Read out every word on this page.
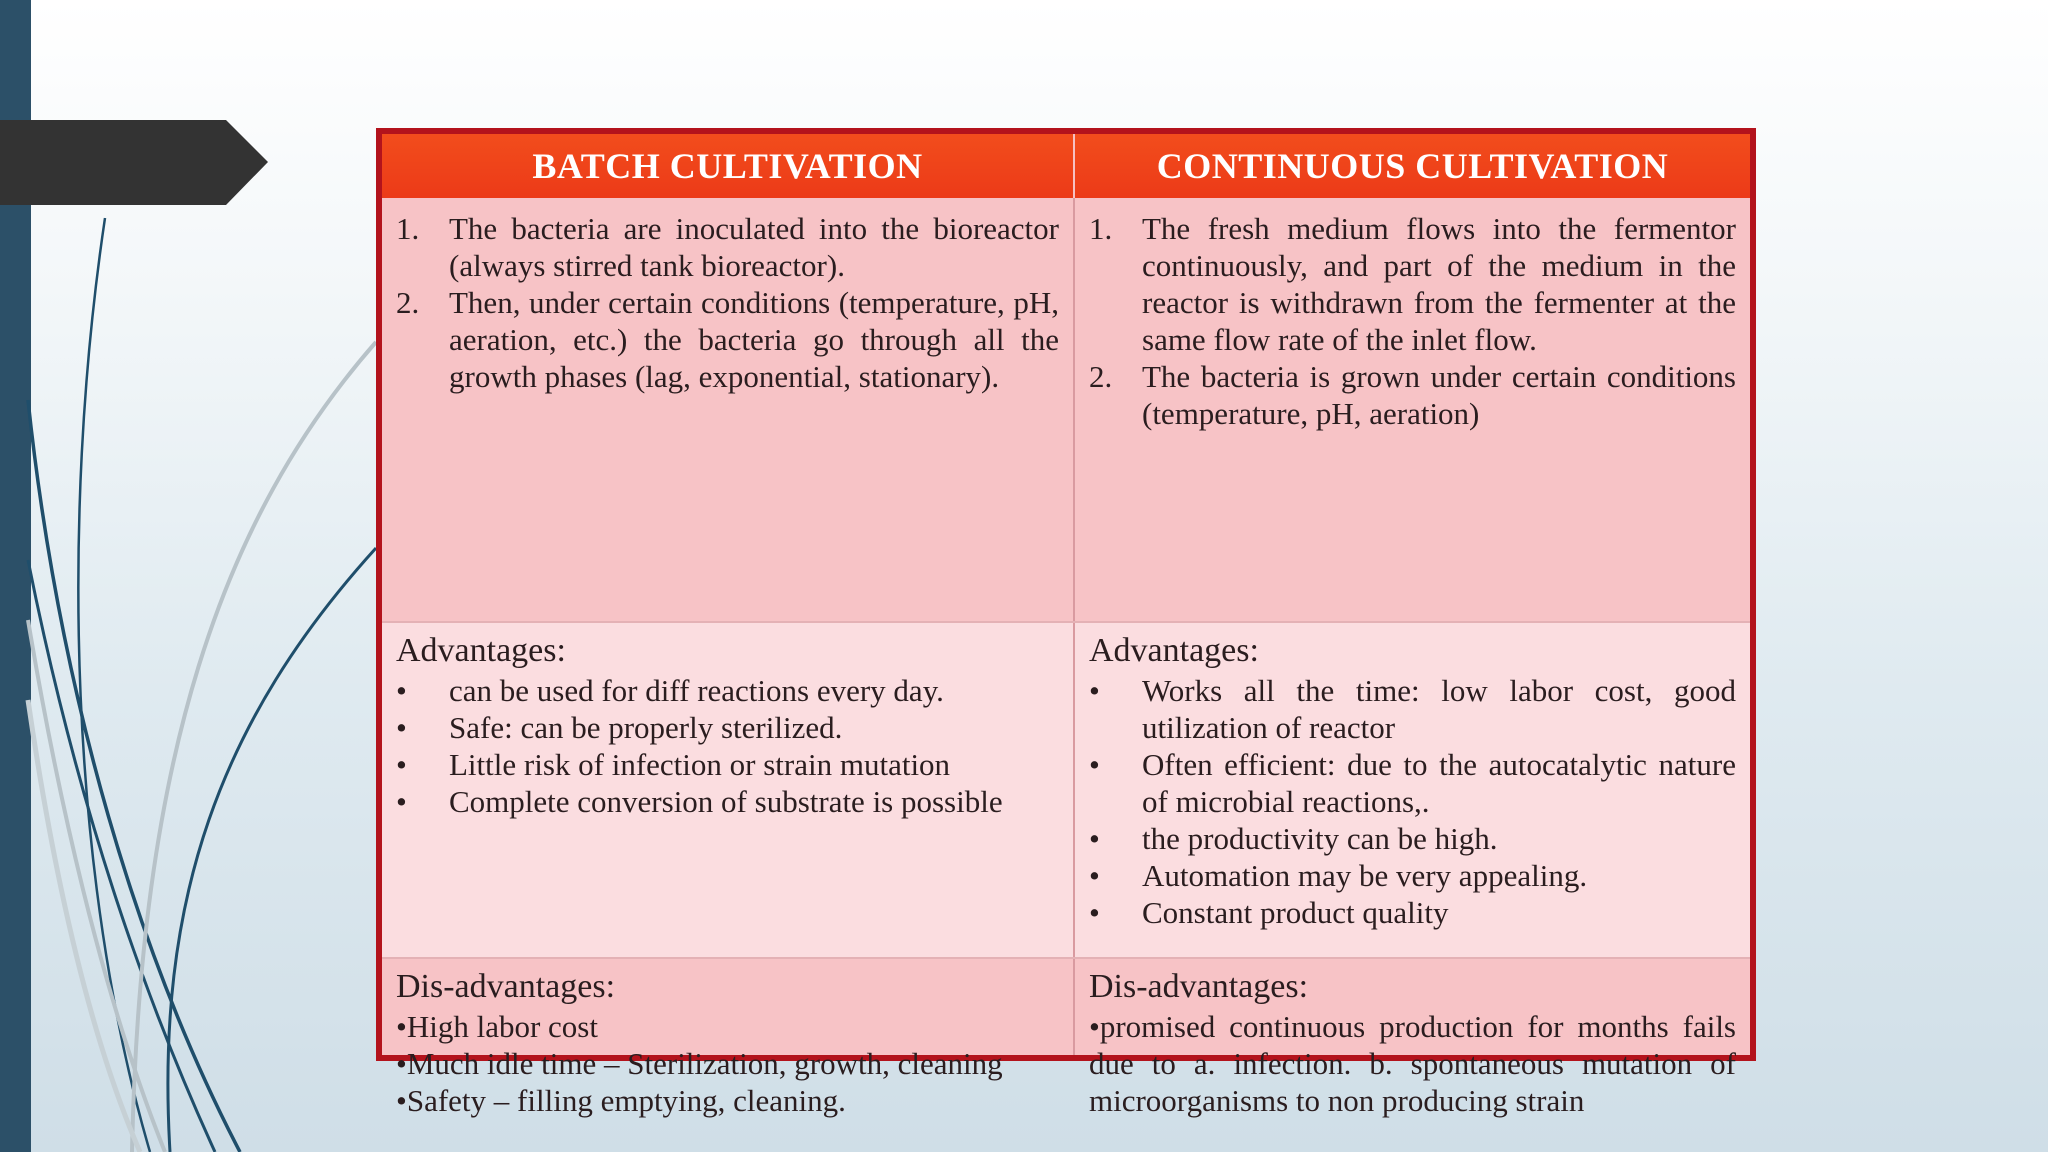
BATCH CULTIVATION	CONTINUOUS CULTIVATION
1. The bacteria are inoculated into the bioreactor (always stirred tank bioreactor).
2. Then, under certain conditions (temperature, pH, aeration, etc.) the bacteria go through all the growth phases (lag, exponential, stationary).
1. The fresh medium flows into the fermentor continuously, and part of the medium in the reactor is withdrawn from the fermenter at the same flow rate of the inlet flow.
2. The bacteria is grown under certain conditions (temperature, pH, aeration)
Advantages:
• can be used for diff reactions every day.
• Safe: can be properly sterilized.
• Little risk of infection or strain mutation
• Complete conversion of substrate is possible
Advantages:
• Works all the time: low labor cost, good utilization of reactor
• Often efficient: due to the autocatalytic nature of microbial reactions,.
• the productivity can be high.
• Automation may be very appealing.
• Constant product quality
Dis-advantages:
•High labor cost
•Much idle time – Sterilization, growth, cleaning
•Safety – filling emptying, cleaning.
Dis-advantages:
•promised continuous production for months fails due to a. infection. b. spontaneous mutation of microorganisms to non producing strain
